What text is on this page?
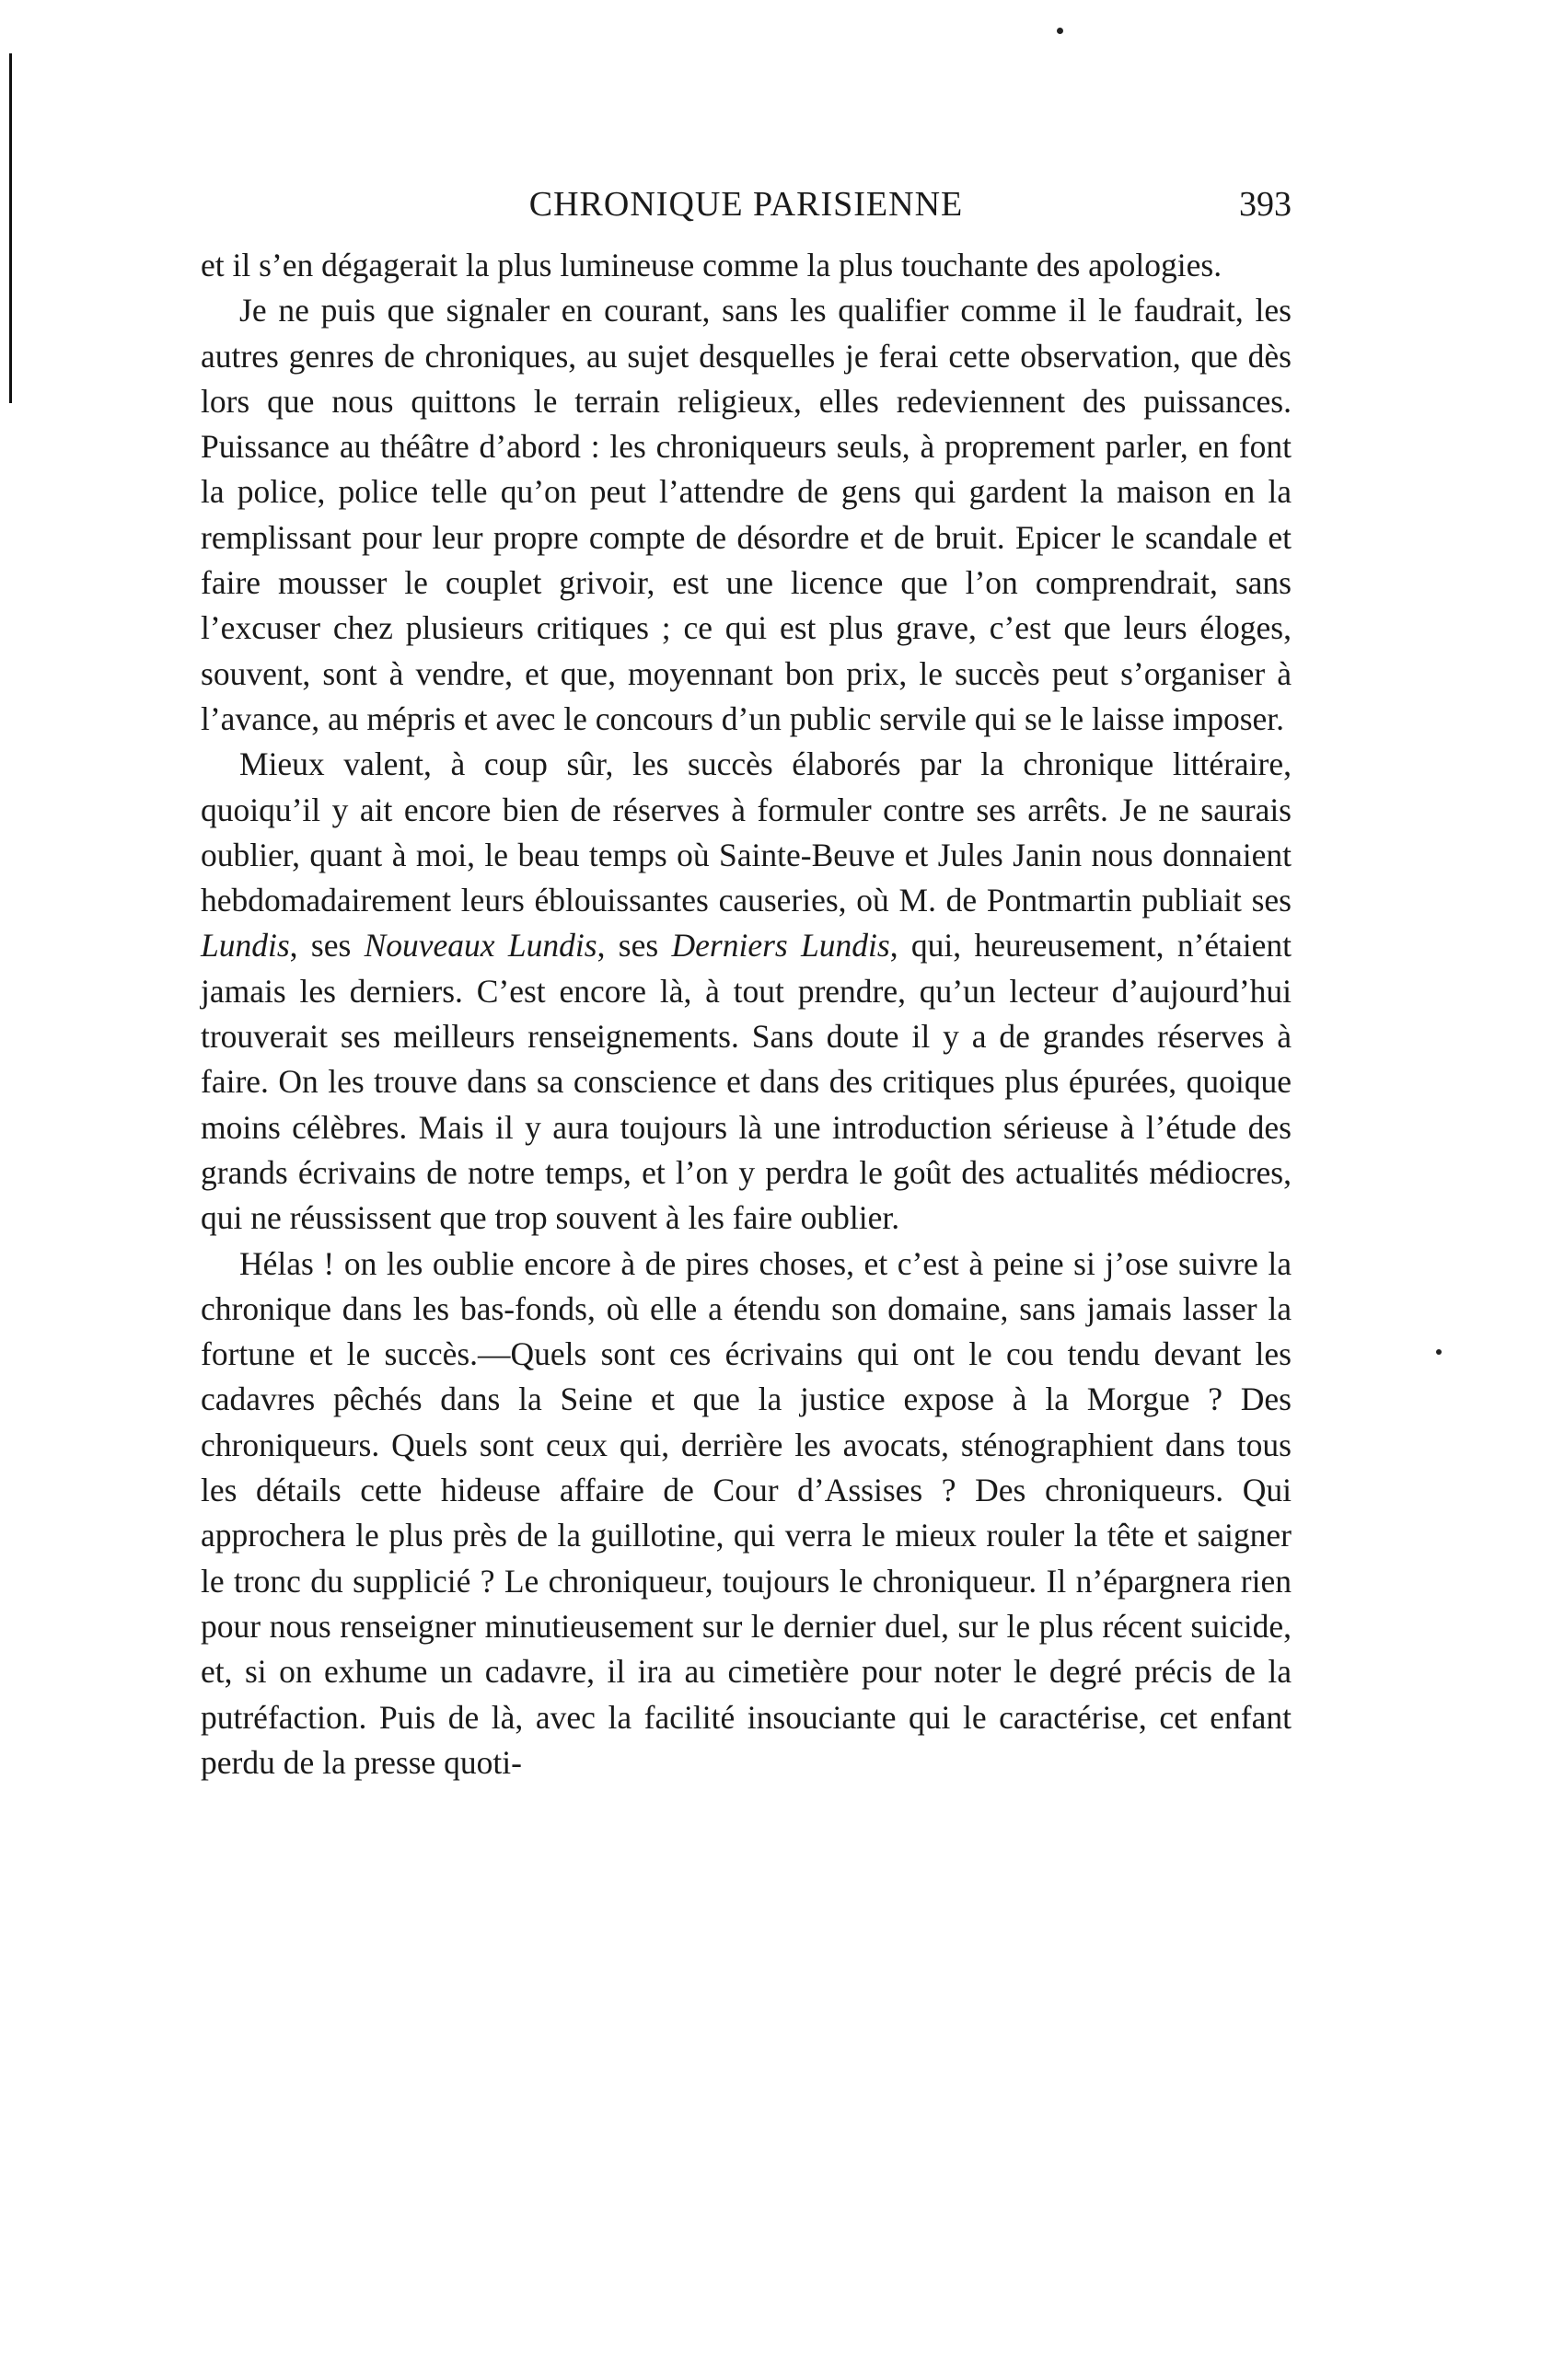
CHRONIQUE PARISIENNE	393

et il s’en dégagerait la plus lumineuse comme la plus touchante des apologies.

Je ne puis que signaler en courant, sans les qualifier comme il le faudrait, les autres genres de chroniques, au sujet desquelles je ferai cette observation, que dès lors que nous quittons le terrain religieux, elles redeviennent des puissances. Puissance au théâtre d’abord : les chroniqueurs seuls, à proprement parler, en font la police, police telle qu’on peut l’attendre de gens qui gardent la maison en la remplissant pour leur propre compte de désordre et de bruit. Epicer le scandale et faire mousser le couplet grivoir, est une licence que l’on comprendrait, sans l’excuser chez plusieurs critiques ; ce qui est plus grave, c’est que leurs éloges, souvent, sont à vendre, et que, moyennant bon prix, le succès peut s’organiser à l’avance, au mépris et avec le concours d’un public servile qui se le laisse imposer.

Mieux valent, à coup sûr, les succès élaborés par la chronique littéraire, quoiqu’il y ait encore bien de réserves à formuler contre ses arrêts. Je ne saurais oublier, quant à moi, le beau temps où Sainte-Beuve et Jules Janin nous donnaient hebdomadairement leurs éblouissantes causeries, où M. de Pontmartin publiait ses Lundis, ses Nouveaux Lundis, ses Derniers Lundis, qui, heureusement, n’étaient jamais les derniers. C’est encore là, à tout prendre, qu’un lecteur d’aujourd’hui trouverait ses meilleurs renseignements. Sans doute il y a de grandes réserves à faire. On les trouve dans sa conscience et dans des critiques plus épurées, quoique moins célèbres. Mais il y aura toujours là une introduction sérieuse à l’étude des grands écrivains de notre temps, et l’on y perdra le goût des actualités médiocres, qui ne réussissent que trop souvent à les faire oublier.

Hélas ! on les oublie encore à de pires choses, et c’est à peine si j’ose suivre la chronique dans les bas-fonds, où elle a étendu son domaine, sans jamais lasser la fortune et le succès.—Quels sont ces écrivains qui ont le cou tendu devant les cadavres pêchés dans la Seine et que la justice expose à la Morgue ? Des chroniqueurs. Quels sont ceux qui, derrière les avocats, sténographient dans tous les détails cette hideuse affaire de Cour d’Assises ? Des chroniqueurs. Qui approchera le plus près de la guillotine, qui verra le mieux rouler la tête et saigner le tronc du supplicié ? Le chroniqueur, toujours le chroniqueur. Il n’épargnera rien pour nous renseigner minutieusement sur le dernier duel, sur le plus récent suicide, et, si on exhume un cadavre, il ira au cimetière pour noter le degré précis de la putréfaction. Puis de là, avec la facilité insouciante qui le caractérise, cet enfant perdu de la presse quoti-
